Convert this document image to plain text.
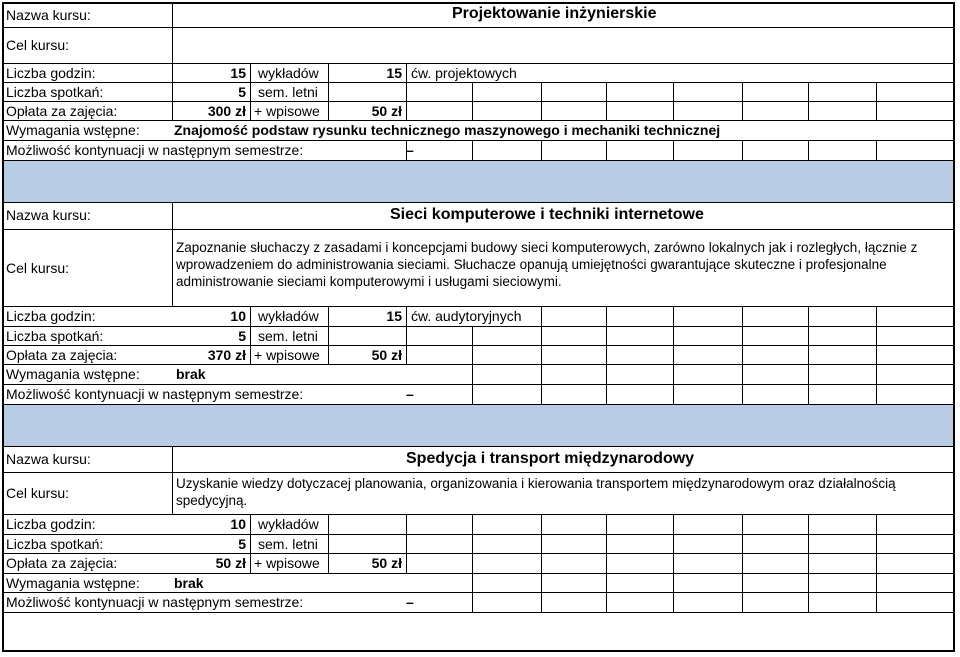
Nazwa kursu:	Projektowanie inżynierskie
Cel kursu:
Liczba godzin:	15 wykładów	15 ćw. projektowych
Liczba spotkań:	5 sem. letni
Opłata za zajęcia:	300 zł + wpisowe	50 zł
Wymagania wstępne: Znajomość podstaw rysunku technicznego maszynowego i mechaniki technicznej
Możliwość kontynuacji w następnym semestrze:	–
Nazwa kursu:	Sieci komputerowe i techniki internetowe
Cel kursu:
Zapoznanie słuchaczy z zasadami i koncepcjami budowy sieci komputerowych, zarówno lokalnych jak i rozległych, łącznie z wprowadzeniem do administrowania sieciami. Słuchacze opanują umiejętności gwarantujące skuteczne i profesjonalne administrowanie sieciami komputerowymi i usługami sieciowymi.
Liczba godzin:	10 wykładów	15 ćw. audytoryjnych
Liczba spotkań:	5 sem. letni
Opłata za zajęcia:	370 zł + wpisowe	50 zł
Wymagania wstępne:	brak
Możliwość kontynuacji w następnym semestrze:	–
Nazwa kursu:	Spedycja i transport międzynarodowy
Cel kursu:
Uzyskanie wiedzy dotyczacej planowania, organizowania i kierowania transportem międzynarodowym oraz działalnością spedycyjną.
Liczba godzin:	10 wykładów
Liczba spotkań:	5 sem. letni
Opłata za zajęcia:	50 zł + wpisowe	50 zł
Wymagania wstępne: brak
Możliwość kontynuacji w następnym semestrze:	–
